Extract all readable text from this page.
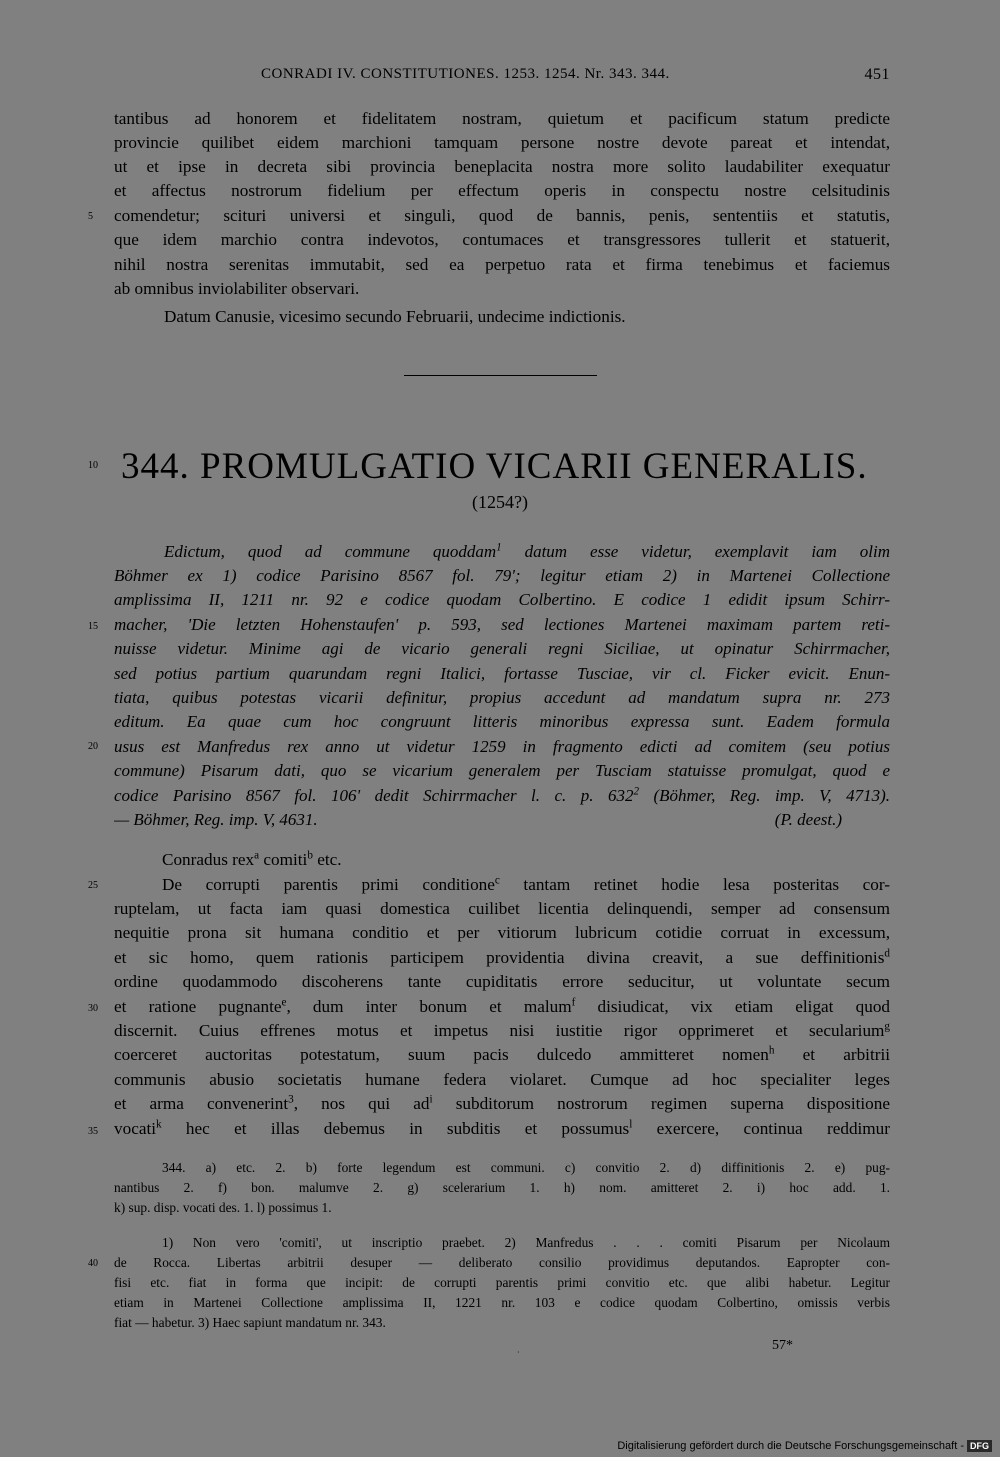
CONRADI IV. CONSTITUTIONES. 1253. 1254. Nr. 343. 344.	451
tantibus ad honorem et fidelitatem nostram, quietum et pacificum statum predicte
provincie quilibet eidem marchioni tamquam persone nostre devote pareat et intendat,
ut et ipse in decreta sibi provincia beneplacita nostra more solito laudabiliter exequatur
et affectus nostrorum fidelium per effectum operis in conspectu nostre celsitudinis
comendetur; scituri universi et singuli, quod de bannis, penis, sententiis et statutis,
que idem marchio contra indevotos, contumaces et transgressores tullerit et statuerit,
nihil nostra serenitas immutabit, sed ea perpetuo rata et firma tenebimus et faciemus
ab omnibus inviolabiliter observari.
Datum Canusie, vicesimo secundo Februarii, undecime indictionis.
5
10 344. PROMULGATIO VICARII GENERALIS.
(1254?)
Edictum, quod ad commune quoddam$^1$ datum esse videtur, exemplavit iam olim
Böhmer ex 1) codice Parisino 8567 fol. 79'; legitur etiam 2) in Martenei Collectione
amplissima II, 1211 nr. 92 e codice quodam Colbertino. E codice 1 edidit ipsum Schirr-
macher, 'Die letzten Hohenstaufen' p. 593, sed lectiones Martenei maximam partem reti-
nuisse videtur. Minime agi de vicario generali regni Siciliae, ut opinatur Schirrmacher,
sed potius partium quarundam regni Italici, fortasse Tusciae, vir cl. Ficker evicit. Enun-
tiata, quibus potestas vicarii definitur, propius accedunt ad mandatum supra nr. 273
editum. Ea quae cum hoc congruunt litteris minoribus expressa sunt. Eadem formula
usus est Manfredus rex anno ut videtur 1259 in fragmento edicti ad comitem (seu potius
commune) Pisarum dati, quo se vicarium generalem per Tusciam statuisse promulgat, quod e
codice Parisino 8567 fol. 106' dedit Schirrmacher l. c. p. $632^2$ (Böhmer, Reg. imp. V, 4713).
— Böhmer, Reg. imp. V, 4631.	(P. deest.)
15
20
Conradus rex$^a$ comiti$^b$ etc.
De corrupti parentis primi conditione$^c$ tantam retinet hodie lesa posteritas cor-
ruptelam, ut facta iam quasi domestica cuilibet licentia delinquendi, semper ad consensum
nequitie prona sit humana conditio et per vitiorum lubricum cotidie corruat in excessum,
et sic homo, quem rationis participem providentia divina creavit, a sue deffinitionis$^d$
ordine quodammodo discoherens tante cupiditatis errore seducitur, ut voluntate secum
et ratione pugnante$^e$, dum inter bonum et malum$^f$ disiudicat, vix etiam eligat quod
discernit. Cuius effrenes motus et impetus nisi iustitie rigor opprimeret et secularium$^g$
coerceret auctoritas potestatum, suum pacis dulcedo ammitteret nomen$^h$ et arbitrii
communis abusio societatis humane federa violaret. Cumque ad hoc specialiter leges
et arma convenerint$^3$, nos qui $ad^i$ subditorum nostrorum regimen superna dispositione
vocati$^k$ hec et illas debemus in subditis et possumus$^l$ exercere, continua reddimur
25
30
35
344. a) etc. 2. b) forte legendum est communi. c) convitio 2. d) diffinitionis 2. e) pug-
nantibus 2. f) bon. malumve 2. g) scelerarium 1. h) nom. amitteret 2. i) hoc add. 1.
k) sup. disp. vocati des. 1. l) possimus 1.
1) Non vero 'comiti', ut inscriptio praebet. 2) Manfredus . . . comiti Pisarum per Nicolaum
de Rocca. Libertas arbitrii desuper — deliberato consilio providimus deputandos. Eapropter con-
fisi etc. fiat in forma que incipit: de corrupti parentis primi convitio etc. que alibi habetur. Legitur
etiam in Martenei Collectione amplissima II, 1221 nr. 103 e codice quodam Colbertino, omissis verbis
fiat — habetur. 3) Haec sapiunt mandatum nr. 343.
40
·	57*
Digitalisierung gefördert durch die Deutsche Forschungsgemeinschaft - DFG
